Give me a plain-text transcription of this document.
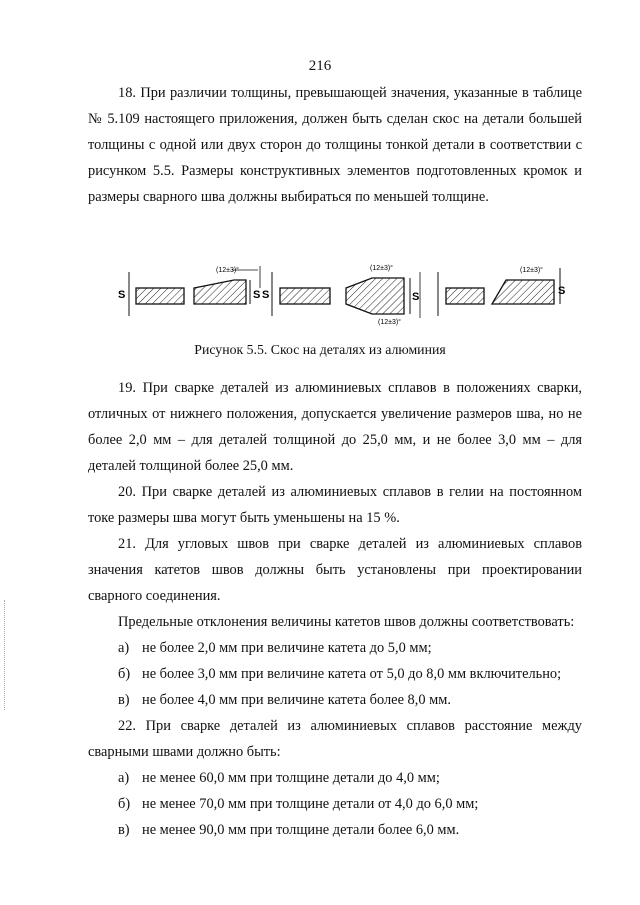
216

18. При различии толщины, превышающей значения, указанные в таблице № 5.109 настоящего приложения, должен быть сделан скос на детали большей толщины с одной или двух сторон до толщины тонкой детали в соответствии с рисунком 5.5. Размеры конструктивных элементов подготовленных кромок и размеры сварного шва должны выбираться по меньшей толщине.

S	S
(12±3)°
S	S
(12±3)°
(12±3)°
S
(12±3)°
Рисунок 5.5. Скос на деталях из алюминия

19. При сварке деталей из алюминиевых сплавов в положениях сварки, отличных от нижнего положения, допускается увеличение размеров шва, но не более 2,0 мм – для деталей толщиной до 25,0 мм, и не более 3,0 мм – для деталей толщиной более 25,0 мм.

20. При сварке деталей из алюминиевых сплавов в гелии на постоянном токе размеры шва могут быть уменьшены на 15 %.

21. Для угловых швов при сварке деталей из алюминиевых сплавов значения катетов швов должны быть установлены при проектировании сварного соединения.

Предельные отклонения величины катетов швов должны соответствовать:

а) не более 2,0 мм при величине катета до 5,0 мм;
б) не более 3,0 мм при величине катета от 5,0 до 8,0 мм включительно;
в) не более 4,0 мм при величине катета более 8,0 мм.

22. При сварке деталей из алюминиевых сплавов расстояние между сварными швами должно быть:

а) не менее 60,0 мм при толщине детали до 4,0 мм;
б) не менее 70,0 мм при толщине детали от 4,0 до 6,0 мм;
в) не менее 90,0 мм при толщине детали более 6,0 мм.
